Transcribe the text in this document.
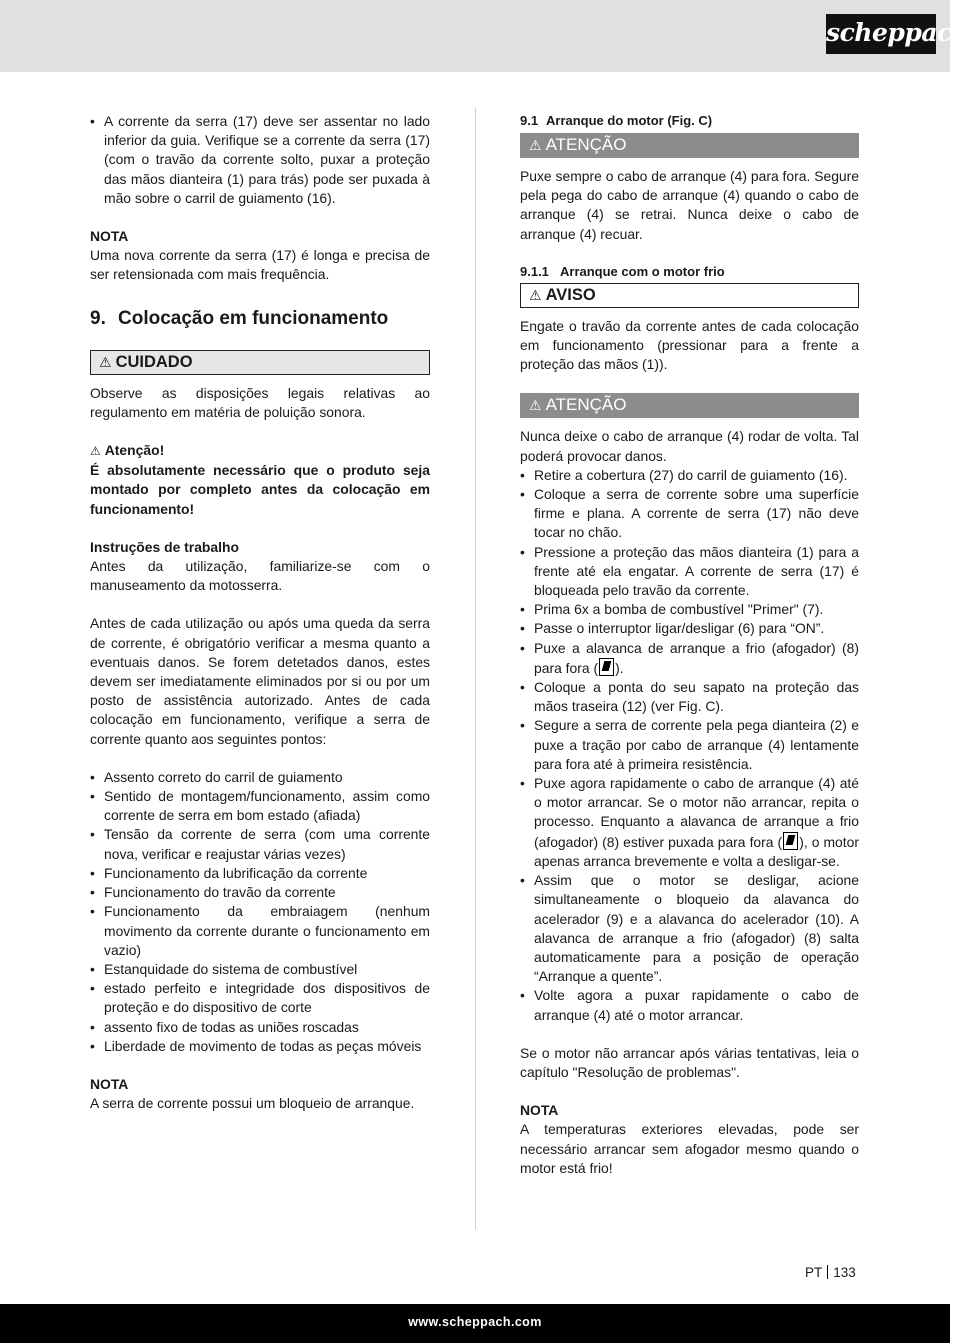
scheppach
• A corrente da serra (17) deve ser assentar no lado inferior da guia. Verifique se a corrente da serra (17) (com o travão da corrente solto, puxar a proteção das mãos dianteira (1) para trás) pode ser puxada à mão sobre o carril de guiamento (16).

NOTA

Uma nova corrente da serra (17) é longa e precisa de ser retensionada com mais frequência.

9. Colocação em funcionamento
⚠ CUIDADO

Observe as disposições legais relativas ao regulamento em matéria de poluição sonora.

⚠ Atenção!

É absolutamente necessário que o produto seja montado por completo antes da colocação em funcionamento!

Instruções de trabalho

Antes da utilização, familiarize-se com o manuseamento da motosserra.

Antes de cada utilização ou após uma queda da serra de corrente, é obrigatório verificar a mesma quanto a eventuais danos. Se forem detetados danos, estes devem ser imediatamente eliminados por si ou por um posto de assistência autorizado. Antes de cada colocação em funcionamento, verifique a serra de corrente quanto aos seguintes pontos:

• Assento correto do carril de guiamento
• Sentido de montagem/funcionamento, assim como corrente de serra em bom estado (afiada)
• Tensão da corrente de serra (com uma corrente nova, verificar e reajustar várias vezes)
• Funcionamento da lubrificação da corrente
• Funcionamento do travão da corrente
• Funcionamento da embraiagem (nenhum movimento da corrente durante o funcionamento em vazio)
• Estanquidade do sistema de combustível
• estado perfeito e integridade dos dispositivos de proteção e do dispositivo de corte
• assento fixo de todas as uniões roscadas
• Liberdade de movimento de todas as peças móveis

NOTA

A serra de corrente possui um bloqueio de arranque.

9.1 Arranque do motor (Fig. C)

⚠ ATENÇÃO

Puxe sempre o cabo de arranque (4) para fora. Segure pela pega do cabo de arranque (4) quando o cabo de arranque (4) se retrai. Nunca deixe o cabo de arranque (4) recuar.

9.1.1 Arranque com o motor frio

⚠ AVISO

Engate o travão da corrente antes de cada colocação em funcionamento (pressionar para a frente a proteção das mãos (1)).

⚠ ATENÇÃO

Nunca deixe o cabo de arranque (4) rodar de volta. Tal poderá provocar danos.

• Retire a cobertura (27) do carril de guiamento (16).
• Coloque a serra de corrente sobre uma superfície firme e plana. A corrente de serra (17) não deve tocar no chão.
• Pressione a proteção das mãos dianteira (1) para a frente até ela engatar. A corrente de serra (17) é bloqueada pelo travão da corrente.
• Prima 6x a bomba de combustível "Primer" (7).
• Passe o interruptor ligar/desligar (6) para “ON”.
• Puxe a alavanca de arranque a frio (afogador) (8) para fora ( ).
• Coloque a ponta do seu sapato na proteção das mãos traseira (12) (ver Fig. C).
• Segure a serra de corrente pela pega dianteira (2) e puxe a tração por cabo de arranque (4) lentamente para fora até à primeira resistência.
• Puxe agora rapidamente o cabo de arranque (4) até o motor arrancar. Se o motor não arrancar, repita o processo. Enquanto a alavanca de arranque a frio (afogador) (8) estiver puxada para fora ( ), o motor apenas arranca brevemente e volta a desligar-se.
• Assim que o motor se desligar, acione simultaneamente o bloqueio da alavanca do acelerador (9) e a alavanca do acelerador (10). A alavanca de arranque a frio (afogador) (8) salta automaticamente para a posição de operação “Arranque a quente”.
• Volte agora a puxar rapidamente o cabo de arranque (4) até o motor arrancar.

Se o motor não arrancar após várias tentativas, leia o capítulo "Resolução de problemas".

NOTA

A temperaturas exteriores elevadas, pode ser necessário arrancar sem afogador mesmo quando o motor está frio!

PT 133
www.scheppach.com
